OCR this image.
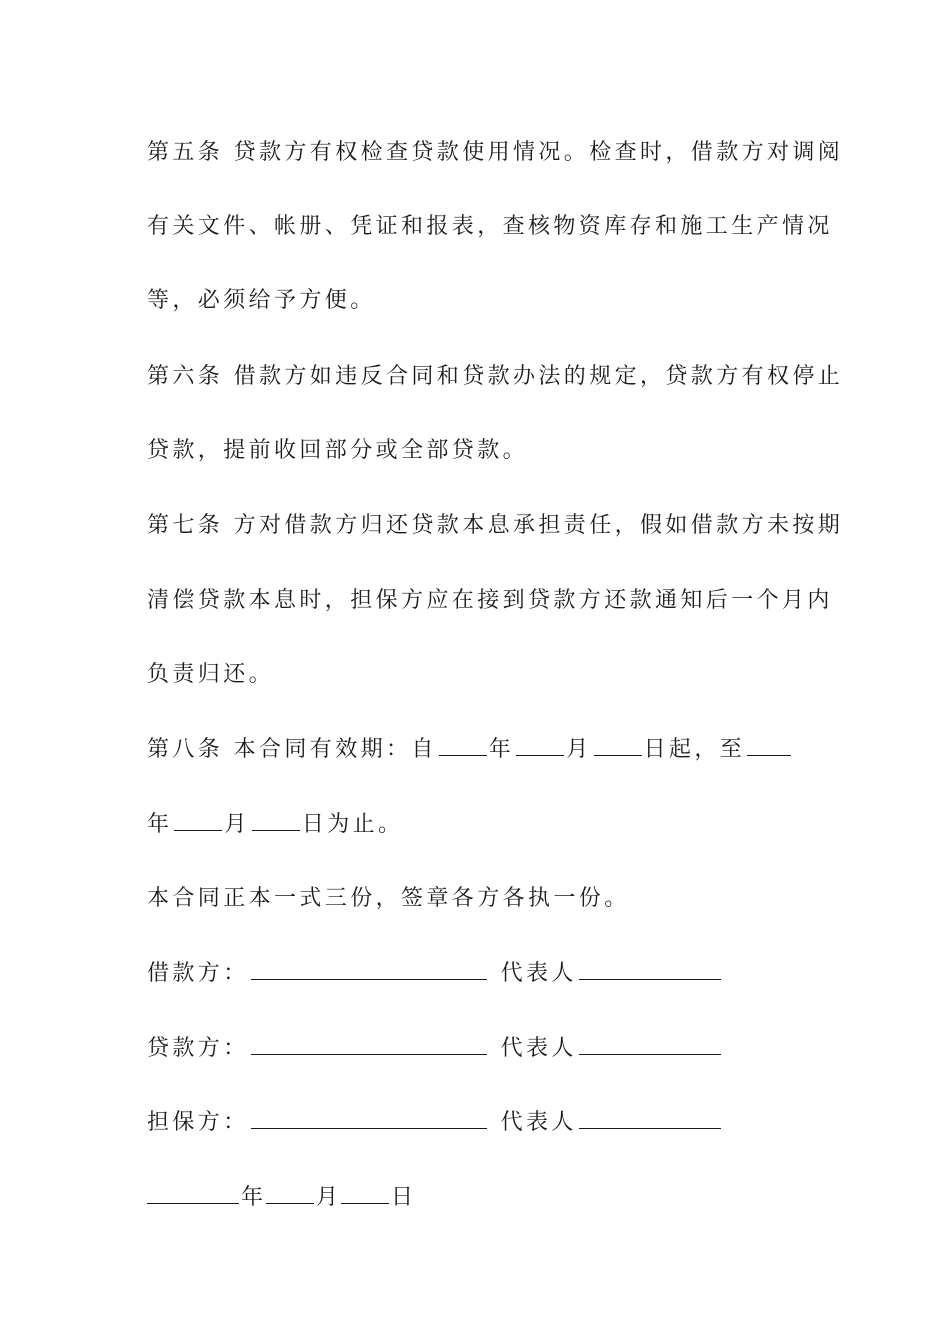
第五条 贷款方有权检查贷款使用情况。检查时，借款方对调阅
有关文件、帐册、凭证和报表，查核物资库存和施工生产情况
等，必须给予方便。
第六条 借款方如违反合同和贷款办法的规定，贷款方有权停止
贷款，提前收回部分或全部贷款。
第七条 方对借款方归还贷款本息承担责任，假如借款方未按期
清偿贷款本息时，担保方应在接到贷款方还款通知后一个月内
负责归还。
第八条 本合同有效期：自 年 月 日起，至
年 月 日为止。
本合同正本一式三份，签章各方各执一份。
借款方：	代表人
贷款方：	代表人
担保方：	代表人
年 月 日
